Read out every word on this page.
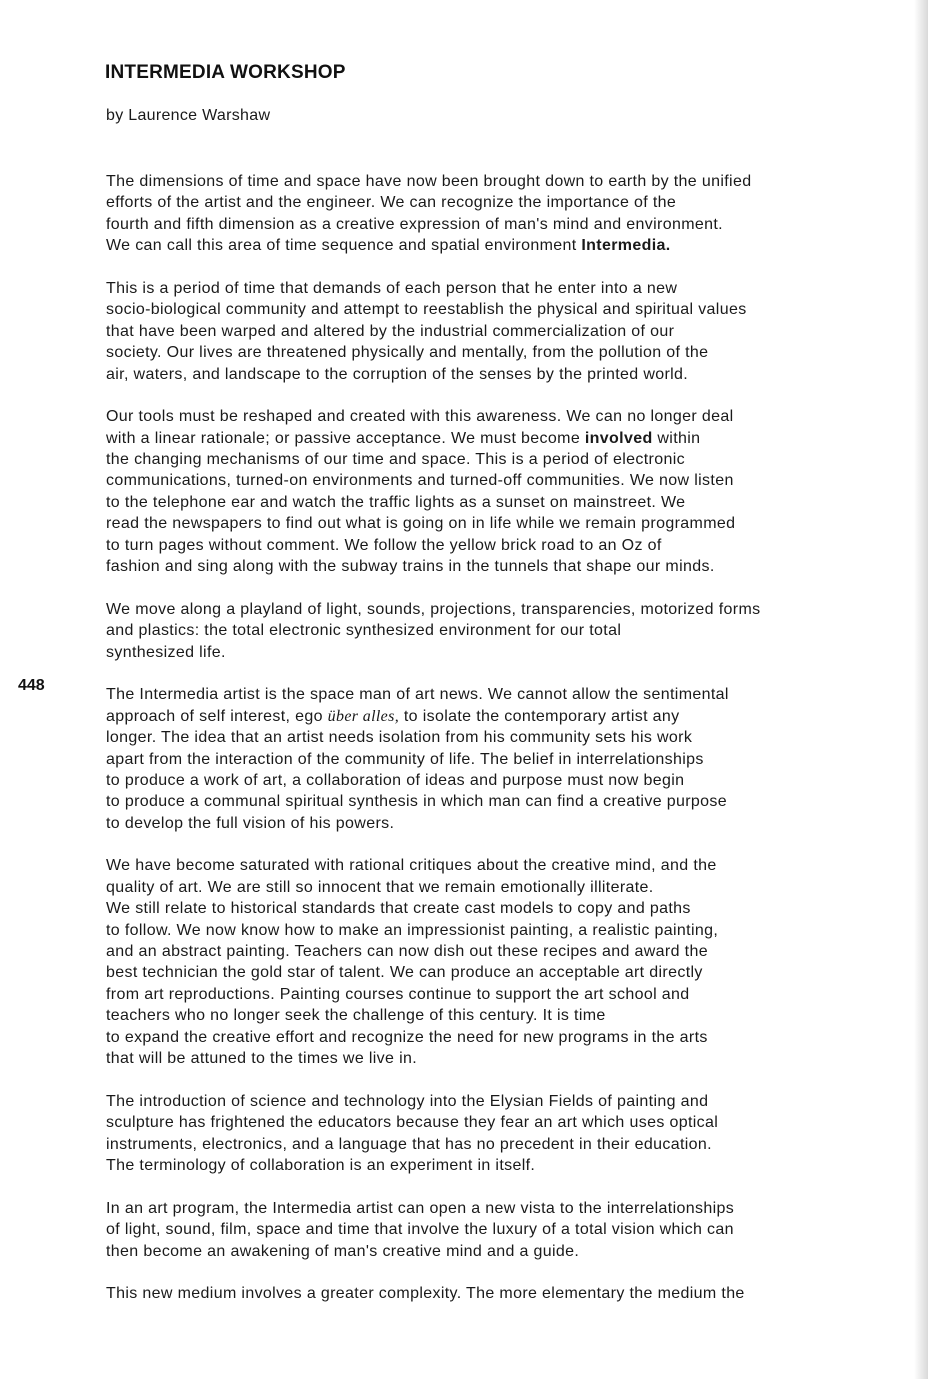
INTERMEDIA WORKSHOP

by Laurence Warshaw

448

The dimensions of time and space have now been brought down to earth by the unified
efforts of the artist and the engineer. We can recognize the importance of the
fourth and fifth dimension as a creative expression of man's mind and environment.
We can call this area of time sequence and spatial environment Intermedia.

This is a period of time that demands of each person that he enter into a new
socio-biological community and attempt to reestablish the physical and spiritual values
that have been warped and altered by the industrial commercialization of our
society. Our lives are threatened physically and mentally, from the pollution of the
air, waters, and landscape to the corruption of the senses by the printed world.

Our tools must be reshaped and created with this awareness. We can no longer deal
with a linear rationale; or passive acceptance. We must become involved within
the changing mechanisms of our time and space. This is a period of electronic
communications, turned-on environments and turned-off communities. We now listen
to the telephone ear and watch the traffic lights as a sunset on mainstreet. We
read the newspapers to find out what is going on in life while we remain programmed
to turn pages without comment. We follow the yellow brick road to an Oz of
fashion and sing along with the subway trains in the tunnels that shape our minds.

We move along a playland of light, sounds, projections, transparencies, motorized forms
and plastics: the total electronic synthesized environment for our total
synthesized life.

The Intermedia artist is the space man of art news. We cannot allow the sentimental
approach of self interest, ego über alles, to isolate the contemporary artist any
longer. The idea that an artist needs isolation from his community sets his work
apart from the interaction of the community of life. The belief in interrelationships
to produce a work of art, a collaboration of ideas and purpose must now begin
to produce a communal spiritual synthesis in which man can find a creative purpose
to develop the full vision of his powers.

We have become saturated with rational critiques about the creative mind, and the
quality of art. We are still so innocent that we remain emotionally illiterate.
We still relate to historical standards that create cast models to copy and paths
to follow. We now know how to make an impressionist painting, a realistic painting,
and an abstract painting. Teachers can now dish out these recipes and award the
best technician the gold star of talent. We can produce an acceptable art directly
from art reproductions. Painting courses continue to support the art school and
teachers who no longer seek the challenge of this century. It is time
to expand the creative effort and recognize the need for new programs in the arts
that will be attuned to the times we live in.

The introduction of science and technology into the Elysian Fields of painting and
sculpture has frightened the educators because they fear an art which uses optical
instruments, electronics, and a language that has no precedent in their education.
The terminology of collaboration is an experiment in itself.

In an art program, the Intermedia artist can open a new vista to the interrelationships
of light, sound, film, space and time that involve the luxury of a total vision which can
then become an awakening of man's creative mind and a guide.

This new medium involves a greater complexity. The more elementary the medium the
